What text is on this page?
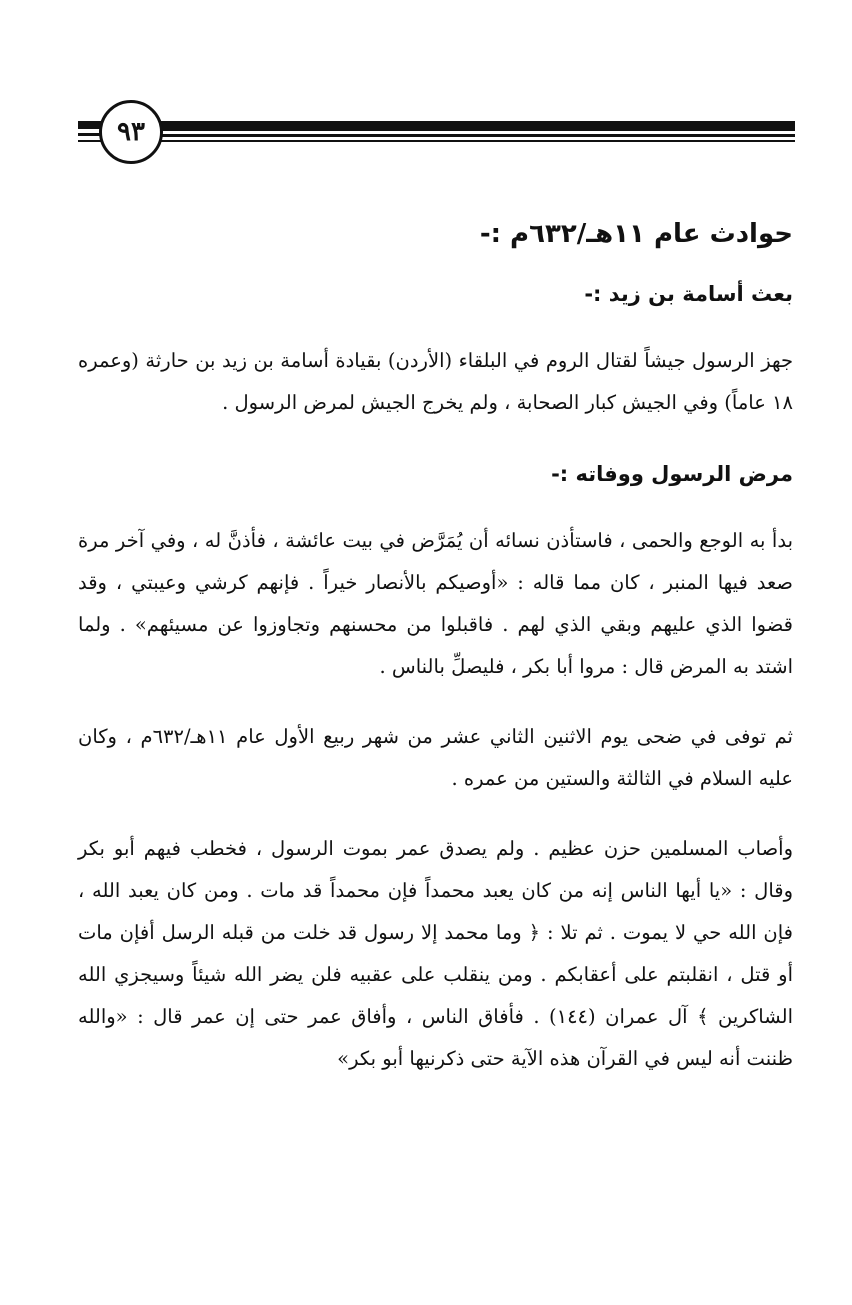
٩٣
حوادث عام ١١هـ/٦٣٢م :-
بعث أسامة بن زيد :-

جهز الرسول جيشاً لقتال الروم في البلقاء (الأردن) بقيادة أسامة بن زيد بن حارثة (وعمره ١٨ عاماً) وفي الجيش كبار الصحابة ، ولم يخرج الجيش لمرض الرسول .

مرض الرسول ووفاته :-

بدأ به الوجع والحمى ، فاستأذن نسائه أن يُمَرَّض في بيت عائشة ، فأذنَّ له ، وفي آخر مرة صعد فيها المنبر ، كان مما قاله : «أوصيكم بالأنصار خيراً . فإنهم كرشي وعيبتي ، وقد قضوا الذي عليهم وبقي الذي لهم . فاقبلوا من محسنهم وتجاوزوا عن مسيئهم» . ولما اشتد به المرض قال : مروا أبا بكر ، فليصلِّ بالناس .

ثم توفى في ضحى يوم الاثنين الثاني عشر من شهر ربيع الأول عام ١١هـ/٦٣٢م ، وكان عليه السلام في الثالثة والستين من عمره .

وأصاب المسلمين حزن عظيم . ولم يصدق عمر بموت الرسول ، فخطب فيهم أبو بكر وقال : «يا أيها الناس إنه من كان يعبد محمداً فإن محمداً قد مات . ومن كان يعبد الله ، فإن الله حي لا يموت . ثم تلا : ﴿ وما محمد إلا رسول قد خلت من قبله الرسل أفإن مات أو قتل ، انقلبتم على أعقابكم . ومن ينقلب على عقبيه فلن يضر الله شيئاً وسيجزي الله الشاكرين ﴾ آل عمران (١٤٤) . فأفاق الناس ، وأفاق عمر حتى إن عمر قال : «والله ظننت أنه ليس في القرآن هذه الآية حتى ذكرنيها أبو بكر»
